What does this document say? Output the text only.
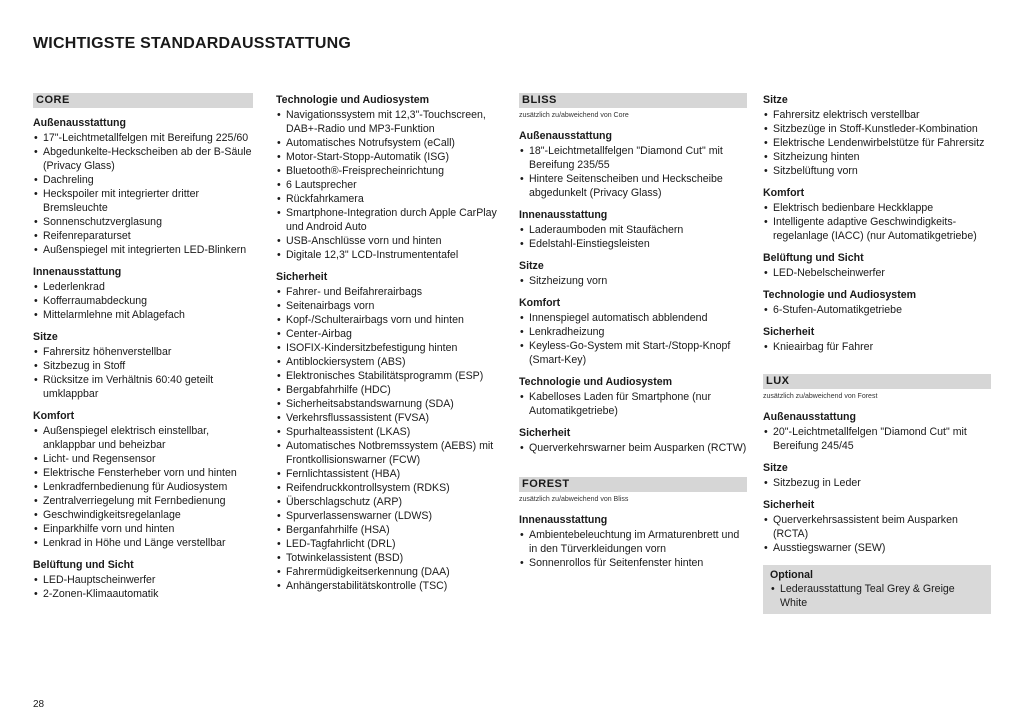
WICHTIGSTE STANDARDAUSSTATTUNG
CORE
Außenausstattung
• 17"-Leichtmetallfelgen mit Bereifung 225/60
• Abgedunkelte-Heckscheiben ab der B-Säule (Privacy Glass)
• Dachreling
• Heckspoiler mit integrierter dritter Bremsleuchte
• Sonnenschutzverglasung
• Reifenreparaturset
• Außenspiegel mit integrierten LED-Blinkern
Innenausstattung
• Lederlenkrad
• Kofferraumabdeckung
• Mittelarmlehne mit Ablagefach
Sitze
• Fahrersitz höhenverstellbar
• Sitzbezug in Stoff
• Rücksitze im Verhältnis 60:40 geteilt umklappbar
Komfort
• Außenspiegel elektrisch einstellbar, anklappbar und beheizbar
• Licht- und Regensensor
• Elektrische Fensterheber vorn und hinten
• Lenkradfernbedienung für Audiosystem
• Zentralverriegelung mit Fernbedienung
• Geschwindigkeitsregelanlage
• Einparkhilfe vorn und hinten
• Lenkrad in Höhe und Länge verstellbar
Belüftung und Sicht
• LED-Hauptscheinwerfer
• 2-Zonen-Klimaautomatik
Technologie und Audiosystem
• Navigationssystem mit 12,3"-Touchscreen, DAB+-Radio und MP3-Funktion
• Automatisches Notrufsystem (eCall)
• Motor-Start-Stopp-Automatik (ISG)
• Bluetooth®-Freisprecheinrichtung
• 6 Lautsprecher
• Rückfahrkamera
• Smartphone-Integration durch Apple CarPlay und Android Auto
• USB-Anschlüsse vorn und hinten
• Digitale 12,3" LCD-Instrumententafel
Sicherheit
• Fahrer- und Beifahrerairbags
• Seitenairbags vorn
• Kopf-/Schulterairbags vorn und hinten
• Center-Airbag
• ISOFIX-Kindersitzbefestigung hinten
• Antiblockiersystem (ABS)
• Elektronisches Stabilitätsprogramm (ESP)
• Bergabfahrhilfe (HDC)
• Sicherheitsabstandswarnung (SDA)
• Verkehrsflussassistent (FVSA)
• Spurhalteassistent (LKAS)
• Automatisches Notbremssystem (AEBS) mit Frontkollisionswarner (FCW)
• Fernlichtassistent (HBA)
• Reifendruckkontrollsystem (RDKS)
• Überschlagschutz (ARP)
• Spurverlassenswarner (LDWS)
• Berganfahrhilfe (HSA)
• LED-Tagfahrlicht (DRL)
• Totwinkelassistent (BSD)
• Fahrermüdigkeitserkennung (DAA)
• Anhängerstabilitätskontrolle (TSC)
BLISS
zusätzlich zu/abweichend von Core
Außenausstattung
• 18"-Leichtmetallfelgen "Diamond Cut" mit Bereifung 235/55
• Hintere Seitenscheiben und Heckscheibe abgedunkelt (Privacy Glass)
Innenausstattung
• Laderaumboden mit Staufächern
• Edelstahl-Einstiegsleisten
Sitze
• Sitzheizung vorn
Komfort
• Innenspiegel automatisch abblendend
• Lenkradheizung
• Keyless-Go-System mit Start-/Stopp-Knopf (Smart-Key)
Technologie und Audiosystem
• Kabelloses Laden für Smartphone (nur Automatikgetriebe)
Sicherheit
• Querverkehrswarner beim Ausparken (RCTW)
FOREST
zusätzlich zu/abweichend von Bliss
Innenausstattung
• Ambientebeleuchtung im Armaturenbrett und in den Türverkleidungen vorn
• Sonnenrollos für Seitenfenster hinten
Sitze
• Fahrersitz elektrisch verstellbar
• Sitzbezüge in Stoff-Kunstleder-Kombination
• Elektrische Lendenwirbelstütze für Fahrersitz
• Sitzheizung hinten
• Sitzbelüftung vorn
Komfort
• Elektrisch bedienbare Heckklappe
• Intelligente adaptive Geschwindigkeits-regelanlage (IACC) (nur Automatikgetriebe)
Belüftung und Sicht
• LED-Nebelscheinwerfer
Technologie und Audiosystem
• 6-Stufen-Automatikgetriebe
Sicherheit
• Knieairbag für Fahrer
LUX
zusätzlich zu/abweichend von Forest
Außenausstattung
• 20"-Leichtmetallfelgen "Diamond Cut" mit Bereifung 245/45
Sitze
• Sitzbezug in Leder
Sicherheit
• Querverkehrsassistent beim Ausparken (RCTA)
• Ausstiegswarner (SEW)
Optional
• Lederausstattung Teal Grey & Greige White
28
